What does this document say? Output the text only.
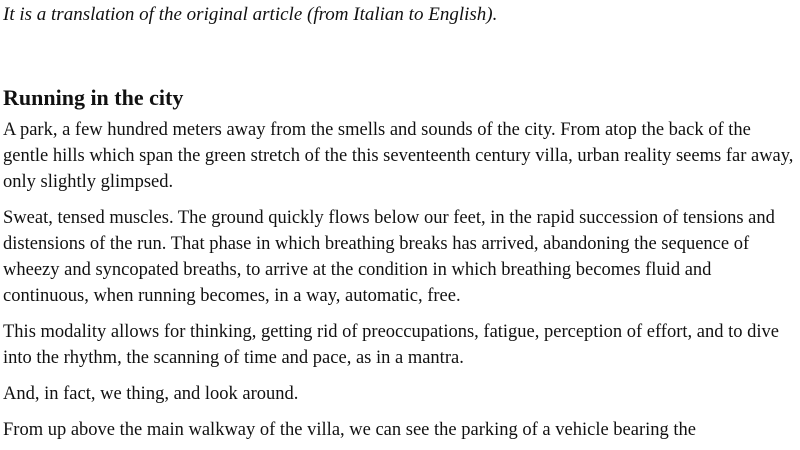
It is a translation of the original article (from Italian to English).

Running in the city

A park, a few hundred meters away from the smells and sounds of the city. From atop the back of the gentle hills which span the green stretch of the this seventeenth century villa, urban reality seems far away, only slightly glimpsed.

Sweat, tensed muscles. The ground quickly flows below our feet, in the rapid succession of tensions and distensions of the run. That phase in which breathing breaks has arrived, abandoning the sequence of wheezy and syncopated breaths, to arrive at the condition in which breathing becomes fluid and continuous, when running becomes, in a way, automatic, free.

This modality allows for thinking, getting rid of preoccupations, fatigue, perception of effort, and to dive into the rhythm, the scanning of time and pace, as in a mantra.

And, in fact, we thing, and look around.

From up above the main walkway of the villa, we can see the parking of a vehicle bearing the
